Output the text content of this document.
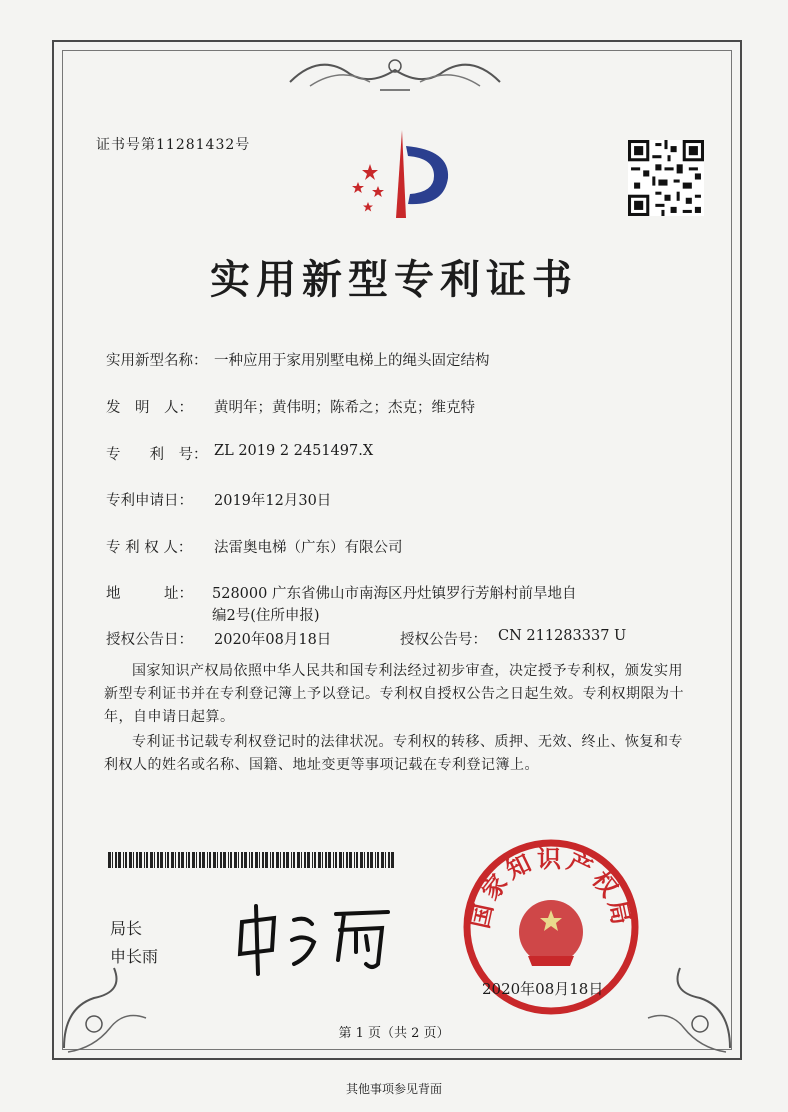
证书号第11281432号
实用新型专利证书
实用新型名称： 一种应用于家用别墅电梯上的绳头固定结构
发　明　人： 黄明年；黄伟明；陈希之；杰克；维克特
专　　利　号： ZL 2019 2 2451497.X
专利申请日： 2019年12月30日
专 利 权 人： 法雷奥电梯（广东）有限公司
地　　　址： 528000 广东省佛山市南海区丹灶镇罗行芳斛村前旱地自
编2号(住所申报)
授权公告日： 2020年08月18日	授权公告号： CN 211283337 U
国家知识产权局依照中华人民共和国专利法经过初步审查，决定授予专利权，颁发实用新型专利证书并在专利登记簿上予以登记。专利权自授权公告之日起生效。专利权期限为十年，自申请日起算。
专利证书记载专利权登记时的法律状况。专利权的转移、质押、无效、终止、恢复和专利权人的姓名或名称、国籍、地址变更等事项记载在专利登记簿上。
局长
申长雨
国家知识产权局
2020年08月18日
第 1 页（共 2 页）
其他事项参见背面
